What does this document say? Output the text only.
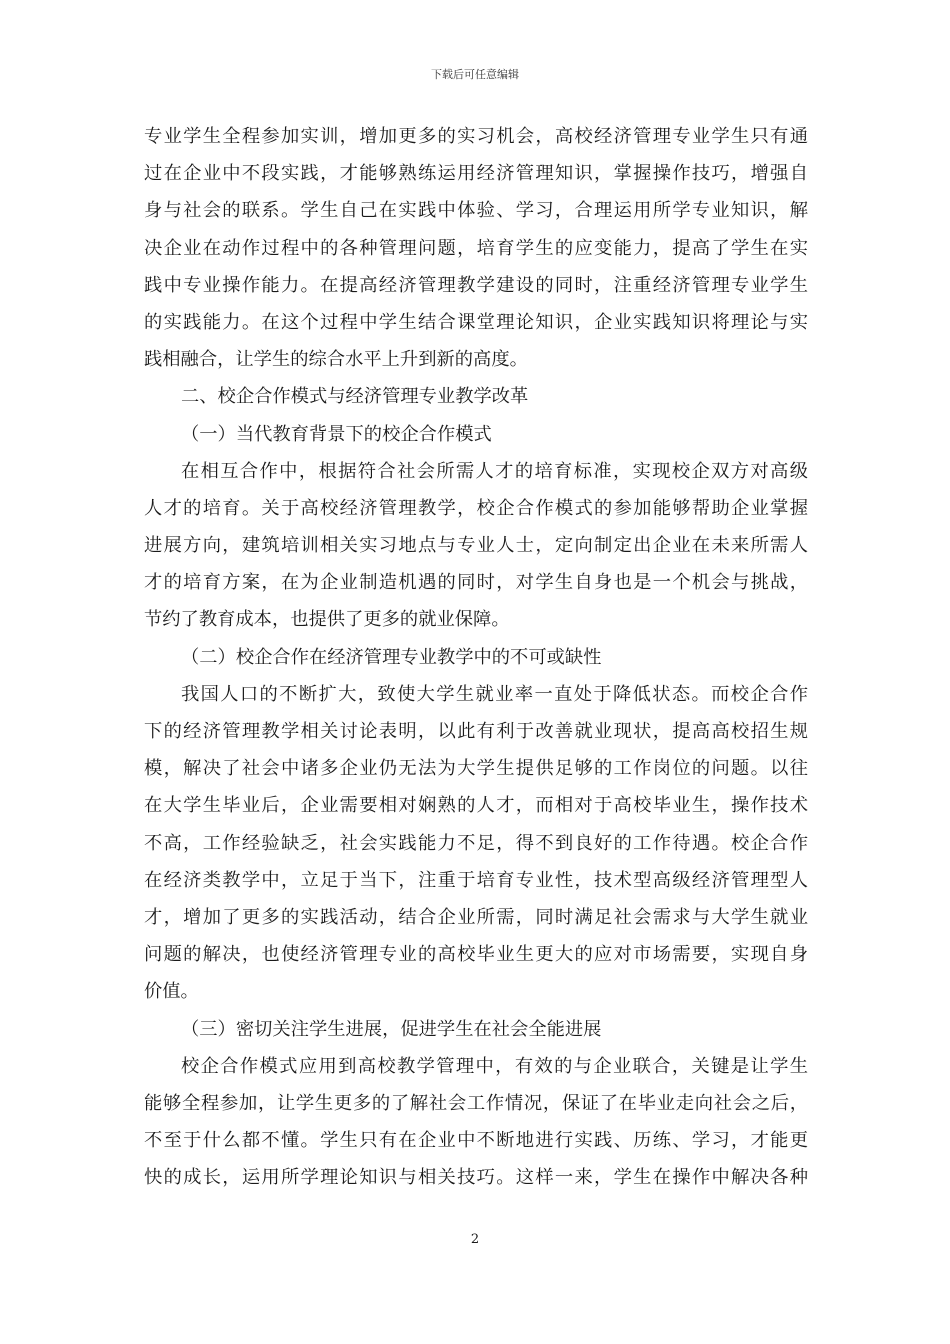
下载后可任意编辑
专业学生全程参加实训，增加更多的实习机会，高校经济管理专业学生只有通
过在企业中不段实践，才能够熟练运用经济管理知识，掌握操作技巧，增强自
身与社会的联系。学生自己在实践中体验、学习，合理运用所学专业知识，解
决企业在动作过程中的各种管理问题，培育学生的应变能力，提高了学生在实
践中专业操作能力。在提高经济管理教学建设的同时，注重经济管理专业学生
的实践能力。在这个过程中学生结合课堂理论知识，企业实践知识将理论与实
践相融合，让学生的综合水平上升到新的高度。
二、校企合作模式与经济管理专业教学改革
（一）当代教育背景下的校企合作模式
在相互合作中，根据符合社会所需人才的培育标准，实现校企双方对高级
人才的培育。关于高校经济管理教学，校企合作模式的参加能够帮助企业掌握
进展方向，建筑培训相关实习地点与专业人士，定向制定出企业在未来所需人
才的培育方案，在为企业制造机遇的同时，对学生自身也是一个机会与挑战，
节约了教育成本，也提供了更多的就业保障。
（二）校企合作在经济管理专业教学中的不可或缺性
我国人口的不断扩大，致使大学生就业率一直处于降低状态。而校企合作
下的经济管理教学相关讨论表明，以此有利于改善就业现状，提高高校招生规
模，解决了社会中诸多企业仍无法为大学生提供足够的工作岗位的问题。以往
在大学生毕业后，企业需要相对娴熟的人才，而相对于高校毕业生，操作技术
不高，工作经验缺乏，社会实践能力不足，得不到良好的工作待遇。校企合作
在经济类教学中，立足于当下，注重于培育专业性，技术型高级经济管理型人
才，增加了更多的实践活动，结合企业所需，同时满足社会需求与大学生就业
问题的解决，也使经济管理专业的高校毕业生更大的应对市场需要，实现自身
价值。
（三）密切关注学生进展，促进学生在社会全能进展
校企合作模式应用到高校教学管理中，有效的与企业联合，关键是让学生
能够全程参加，让学生更多的了解社会工作情况，保证了在毕业走向社会之后，
不至于什么都不懂。学生只有在企业中不断地进行实践、历练、学习，才能更
快的成长，运用所学理论知识与相关技巧。这样一来，学生在操作中解决各种
2
